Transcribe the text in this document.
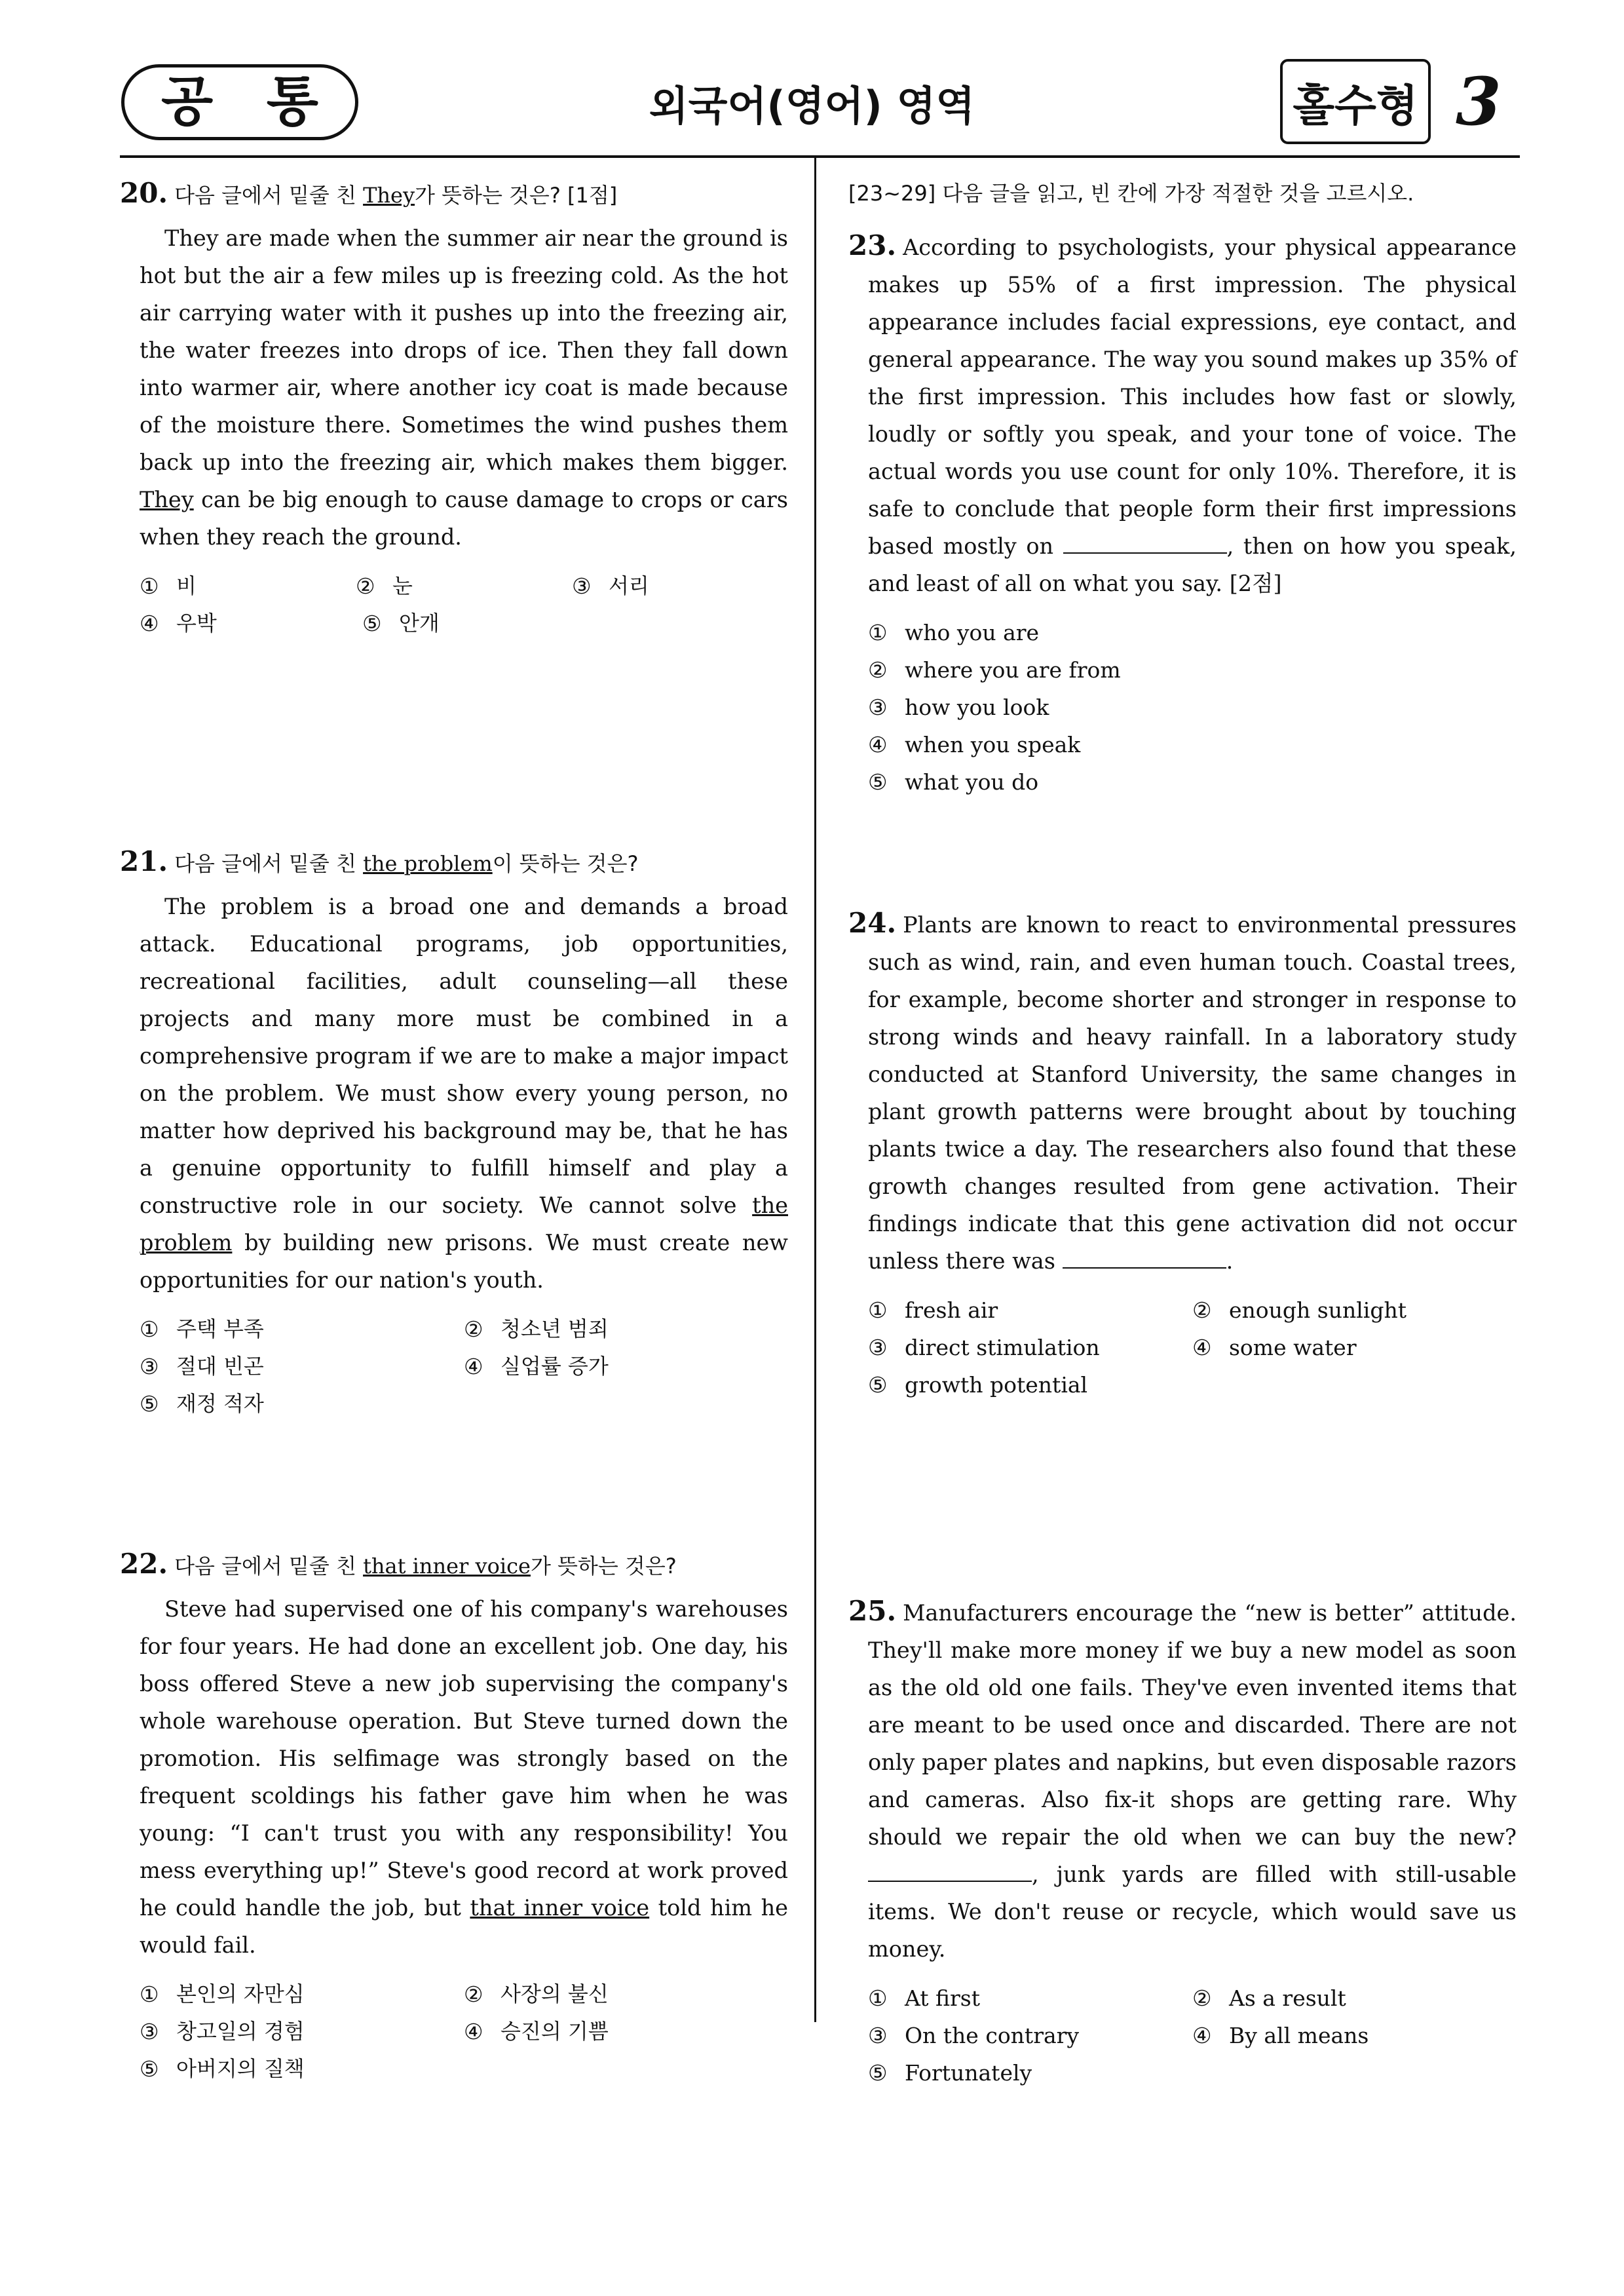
공 통	외국어(영어) 영역	홀수형 3
20. 다음 글에서 밑줄 친 They가 뜻하는 것은? [1점]

They are made when the summer air near the ground is hot but the air a few miles up is freezing cold. As the hot air carrying water with it pushes up into the freezing air, the water freezes into drops of ice. Then they fall down into warmer air, where another icy coat is made because of the moisture there. Sometimes the wind pushes them back up into the freezing air, which makes them bigger. They can be big enough to cause damage to crops or cars when they reach the ground.

① 비	② 눈	③ 서리
④ 우박	⑤ 안개
21. 다음 글에서 밑줄 친 the problem이 뜻하는 것은?

The problem is a broad one and demands a broad attack. Educational programs, job opportunities, recreational facilities, adult counseling—all these projects and many more must be combined in a comprehensive program if we are to make a major impact on the problem. We must show every young person, no matter how deprived his background may be, that he has a genuine opportunity to fulfill himself and play a constructive role in our society. We cannot solve the problem by building new prisons. We must create new opportunities for our nation's youth.

① 주택 부족	② 청소년 범죄
③ 절대 빈곤	④ 실업률 증가
⑤ 재정 적자
22. 다음 글에서 밑줄 친 that inner voice가 뜻하는 것은?

Steve had supervised one of his company's warehouses for four years. He had done an excellent job. One day, his boss offered Steve a new job supervising the company's whole warehouse operation. But Steve turned down the promotion. His selfimage was strongly based on the frequent scoldings his father gave him when he was young: “I can't trust you with any responsibility! You mess everything up!” Steve's good record at work proved he could handle the job, but that inner voice told him he would fail.

① 본인의 자만심	② 사장의 불신
③ 창고일의 경험	④ 승진의 기쁨
⑤ 아버지의 질책
[23~29] 다음 글을 읽고, 빈 칸에 가장 적절한 것을 고르시오.

23. According to psychologists, your physical appearance makes up 55% of a first impression. The physical appearance includes facial expressions, eye contact, and general appearance. The way you sound makes up 35% of the first impression. This includes how fast or slowly, loudly or softly you speak, and your tone of voice. The actual words you use count for only 10%. Therefore, it is safe to conclude that people form their first impressions based mostly on	, then on how you speak, and least of all on what you say. [2점]

① who you are
② where you are from
③ how you look
④ when you speak
⑤ what you do

24. Plants are known to react to environmental pressures such as wind, rain, and even human touch. Coastal trees, for example, become shorter and stronger in response to strong winds and heavy rainfall. In a laboratory study conducted at Stanford University, the same changes in plant growth patterns were brought about by touching plants twice a day. The researchers also found that these growth changes resulted from gene activation. Their findings indicate that this gene activation did not occur unless there was	.

① fresh air	② enough sunlight
③ direct stimulation	④ some water
⑤ growth potential

25. Manufacturers encourage the “new is better” attitude. They'll make more money if we buy a new model as soon as the old old one fails. They've even invented items that are meant to be used once and discarded. There are not only paper plates and napkins, but even disposable razors and cameras. Also fix-it shops are getting rare. Why should we repair the old when we can buy the new? , junk yards are filled with still-usable items. We don't reuse or recycle, which would save us money.

① At first	② As a result
③ On the contrary	④ By all means
⑤ Fortunately
